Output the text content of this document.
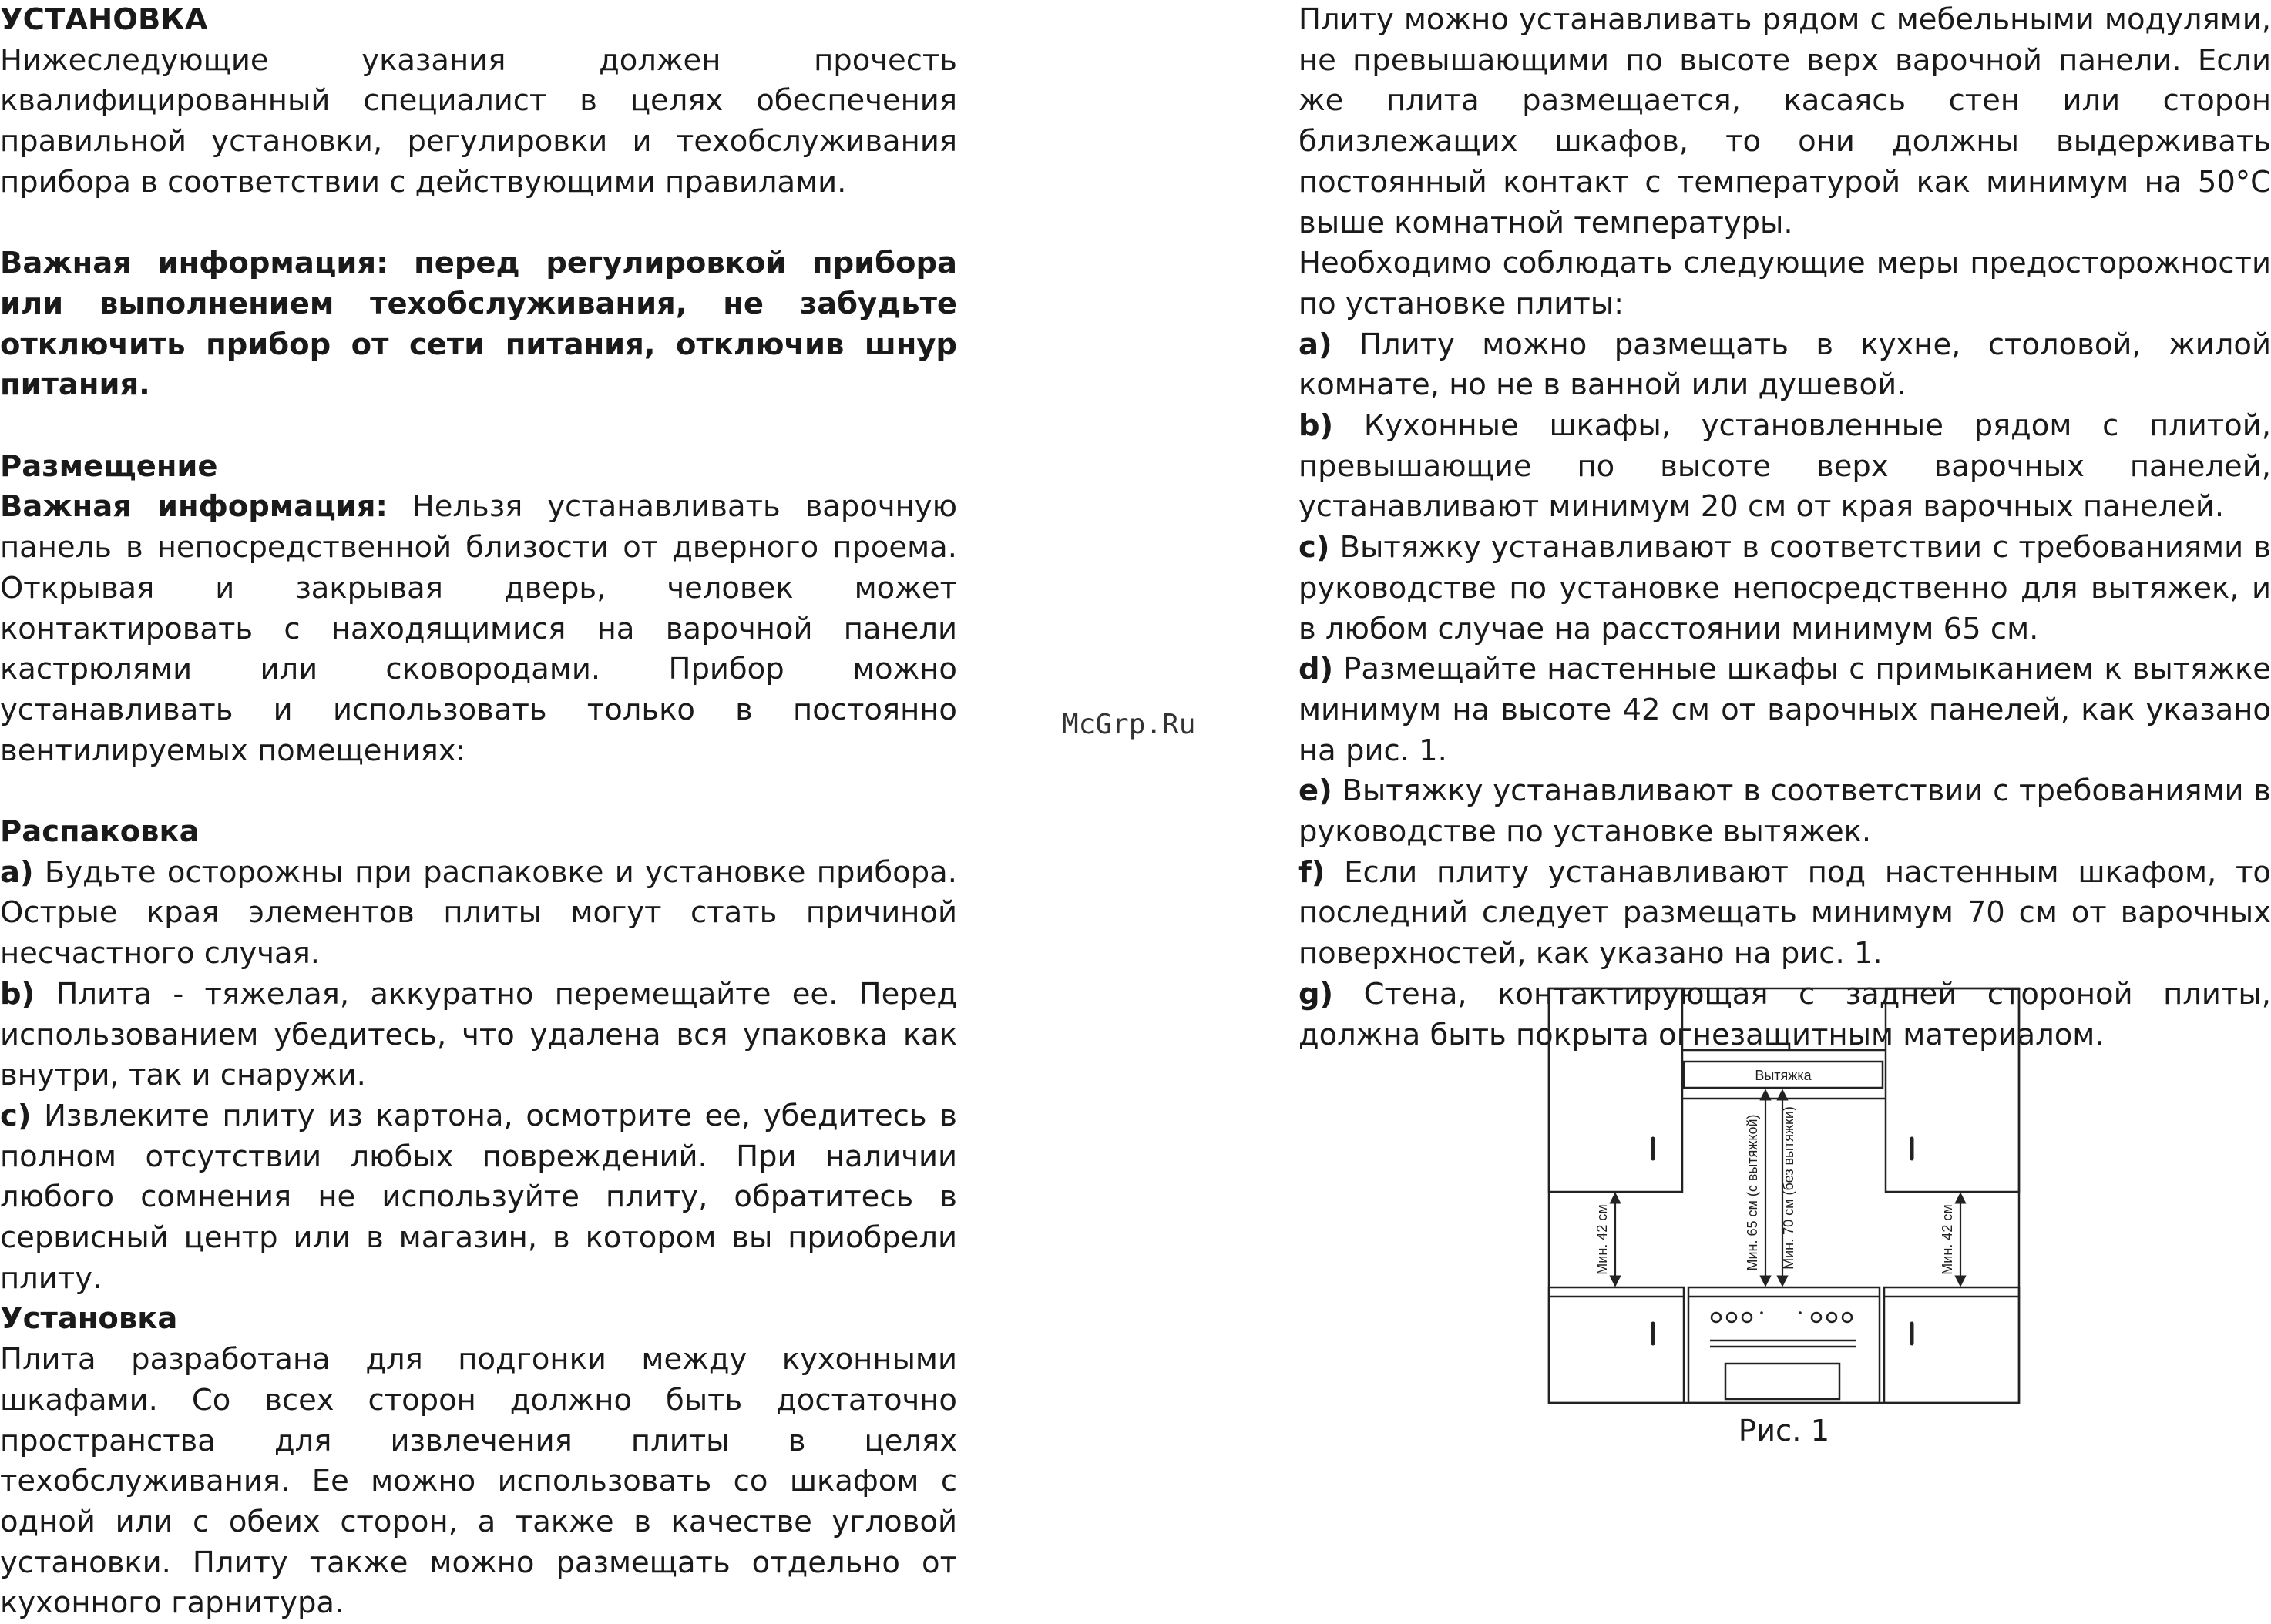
УСТАНОВКА

Нижеследующие указания должен прочесть квалифицированный специалист в целях обеспечения правильной установки, регулировки и техобслуживания прибора в соответствии с действующими правилами.

Важная информация: перед регулировкой прибора или выполнением техобслуживания, не забудьте отключить прибор от сети питания, отключив шнур питания.

Размещение

Важная информация: Нельзя устанавливать варочную панель в непосредственной близости от дверного проема. Открывая и закрывая дверь, человек может контактировать с находящимися на варочной панели кастрюлями или сковородами. Прибор можно устанавливать и использовать только в постоянно вентилируемых помещениях:

Распаковка

a) Будьте осторожны при распаковке и установке прибора. Острые края элементов плиты могут стать причиной несчастного случая.

b) Плита - тяжелая, аккуратно перемещайте ее. Перед использованием убедитесь, что удалена вся упаковка как внутри, так и снаружи.

c) Извлеките плиту из картона, осмотрите ее, убедитесь в полном отсутствии любых повреждений. При наличии любого сомнения не используйте плиту, обратитесь в сервисный центр или в магазин, в котором вы приобрели плиту.

Установка

Плита разработана для подгонки между кухонными шкафами. Со всех сторон должно быть достаточно пространства для извлечения плиты в целях техобслуживания. Ее можно использовать со шкафом с одной или с обеих сторон, а также в качестве угловой установки. Плиту также можно размещать отдельно от кухонного гарнитура.

McGrp.Ru

Плиту можно устанавливать рядом с мебельными модулями, не превышающими по высоте верх варочной панели. Если же плита размещается, касаясь стен или сторон близлежащих шкафов, то они должны выдерживать постоянный контакт с температурой как минимум на 50°C выше комнатной температуры.

Необходимо соблюдать следующие меры предосторожности по установке плиты:

a) Плиту можно размещать в кухне, столовой, жилой комнате, но не в ванной или душевой.

b) Кухонные шкафы, установленные рядом с плитой, превышающие по высоте верх варочных панелей, устанавливают минимум 20 см от края варочных панелей.

c) Вытяжку устанавливают в соответствии с требованиями в руководстве по установке непосредственно для вытяжек, и в любом случае на расстоянии минимум 65 см.

d) Размещайте настенные шкафы с примыканием к вытяжке минимум на высоте 42 см от варочных панелей, как указано на рис. 1.

e) Вытяжку устанавливают в соответствии с требованиями в руководстве по установке вытяжек.

f) Если плиту устанавливают под настенным шкафом, то последний следует размещать минимум 70 см от варочных поверхностей, как указано на рис. 1.

g) Стена, контактирующая с задней стороной плиты, должна быть покрыта огнезащитным материалом.

Вытяжка
Мин. 42 см	Мин. 42 см
Мин. 65 см (с вытяжкой) Мин. 70 см (без вытяжки)
Рис. 1
